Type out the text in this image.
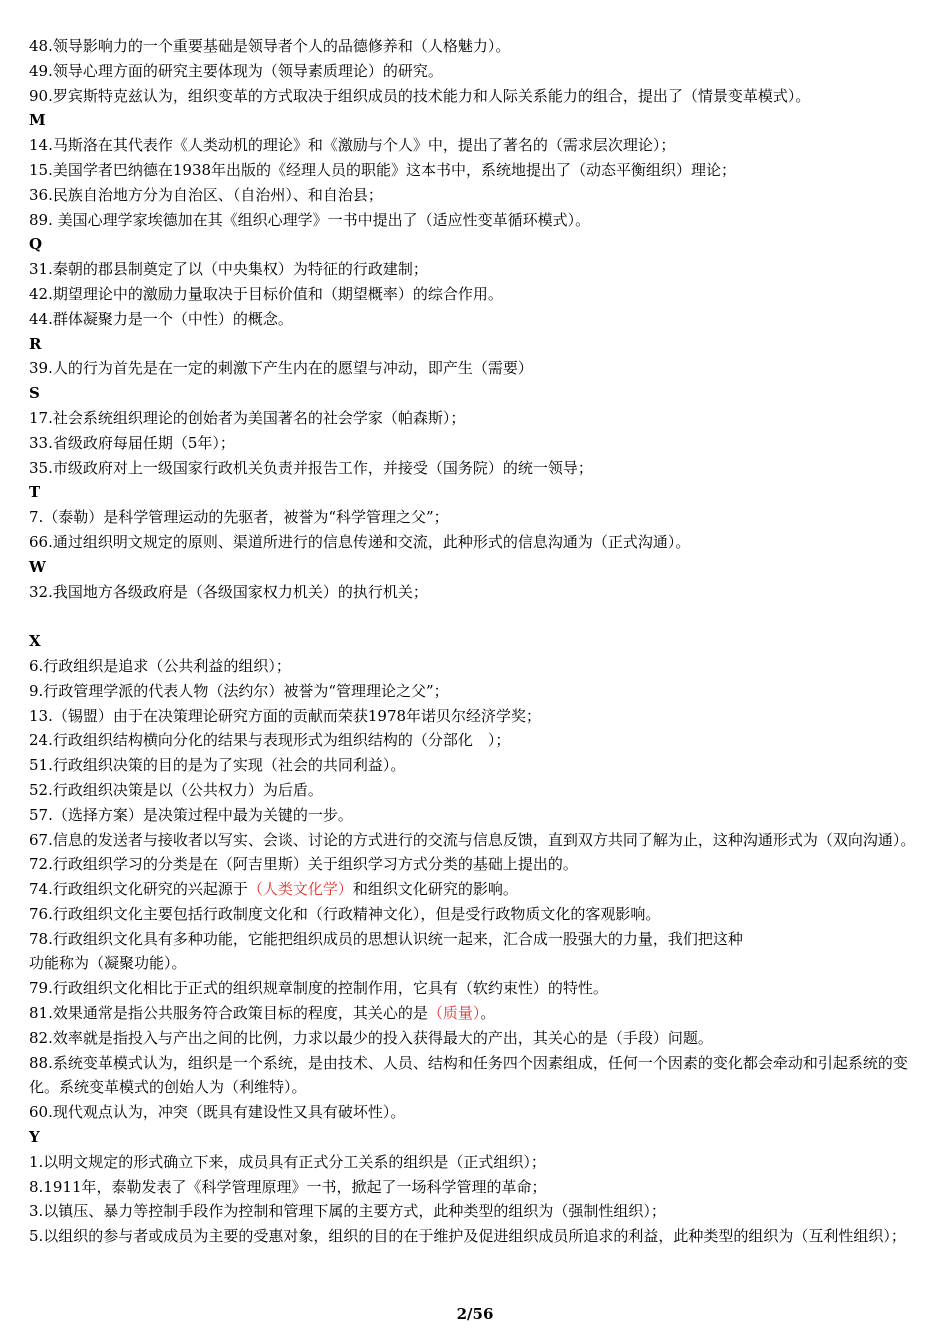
48.领导影响力的一个重要基础是领导者个人的品德修养和（人格魅力）。
49.领导心理方面的研究主要体现为（领导素质理论）的研究。
90.罗宾斯特克兹认为，组织变革的方式取决于组织成员的技术能力和人际关系能力的组合，提出了（情景变革模式）。
M
14.马斯洛在其代表作《人类动机的理论》和《激励与个人》中，提出了著名的（需求层次理论）；
15.美国学者巴纳德在1938年出版的《经理人员的职能》这本书中，系统地提出了（动态平衡组织）理论；
36.民族自治地方分为自治区、（自治州）、和自治县；
89. 美国心理学家埃德加在其《组织心理学》一书中提出了（适应性变革循环模式）。
Q
31.秦朝的郡县制奠定了以（中央集权）为特征的行政建制；
42.期望理论中的激励力量取决于目标价值和（期望概率）的综合作用。
44.群体凝聚力是一个（中性）的概念。
R
39.人的行为首先是在一定的刺激下产生内在的愿望与冲动，即产生（需要）
S
17.社会系统组织理论的创始者为美国著名的社会学家（帕森斯）；
33.省级政府每届任期（5年）；
35.市级政府对上一级国家行政机关负责并报告工作，并接受（国务院）的统一领导；
T
7.（泰勒）是科学管理运动的先驱者，被誉为“科学管理之父”；
66.通过组织明文规定的原则、渠道所进行的信息传递和交流，此种形式的信息沟通为（正式沟通）。
W
32.我国地方各级政府是（各级国家权力机关）的执行机关；
X
6.行政组织是追求（公共利益的组织）；
9.行政管理学派的代表人物（法约尔）被誉为“管理理论之父”；
13.（锡盟）由于在决策理论研究方面的贡献而荣获1978年诺贝尔经济学奖；
24.行政组织结构横向分化的结果与表现形式为组织结构的（分部化　）；
51.行政组织决策的目的是为了实现（社会的共同利益）。
52.行政组织决策是以（公共权力）为后盾。
57.（选择方案）是决策过程中最为关键的一步。
67.信息的发送者与接收者以写实、会谈、讨论的方式进行的交流与信息反馈，直到双方共同了解为止，这种沟通形式为（双向沟通）。
72.行政组织学习的分类是在（阿吉里斯）关于组织学习方式分类的基础上提出的。
74.行政组织文化研究的兴起源于（人类文化学）和组织文化研究的影响。
76.行政组织文化主要包括行政制度文化和（行政精神文化），但是受行政物质文化的客观影响。
78.行政组织文化具有多种功能，它能把组织成员的思想认识统一起来，汇合成一股强大的力量，我们把这种
功能称为（凝聚功能）。
79.行政组织文化相比于正式的组织规章制度的控制作用，它具有（软约束性）的特性。
81.效果通常是指公共服务符合政策目标的程度，其关心的是（质量）。
82.效率就是指投入与产出之间的比例，力求以最少的投入获得最大的产出，其关心的是（手段）问题。
88.系统变革模式认为，组织是一个系统，是由技术、人员、结构和任务四个因素组成，任何一个因素的变化都会牵动和引起系统的变化。系统变革模式的创始人为（利维特）。
60.现代观点认为，冲突（既具有建设性又具有破坏性）。
Y
1.以明文规定的形式确立下来，成员具有正式分工关系的组织是（正式组织）；
8.1911年，泰勒发表了《科学管理原理》一书，掀起了一场科学管理的革命；
3.以镇压、暴力等控制手段作为控制和管理下属的主要方式，此种类型的组织为（强制性组织）；
5.以组织的参与者或成员为主要的受惠对象，组织的目的在于维护及促进组织成员所追求的利益，此种类型的组织为（互利性组织）；
2/56
